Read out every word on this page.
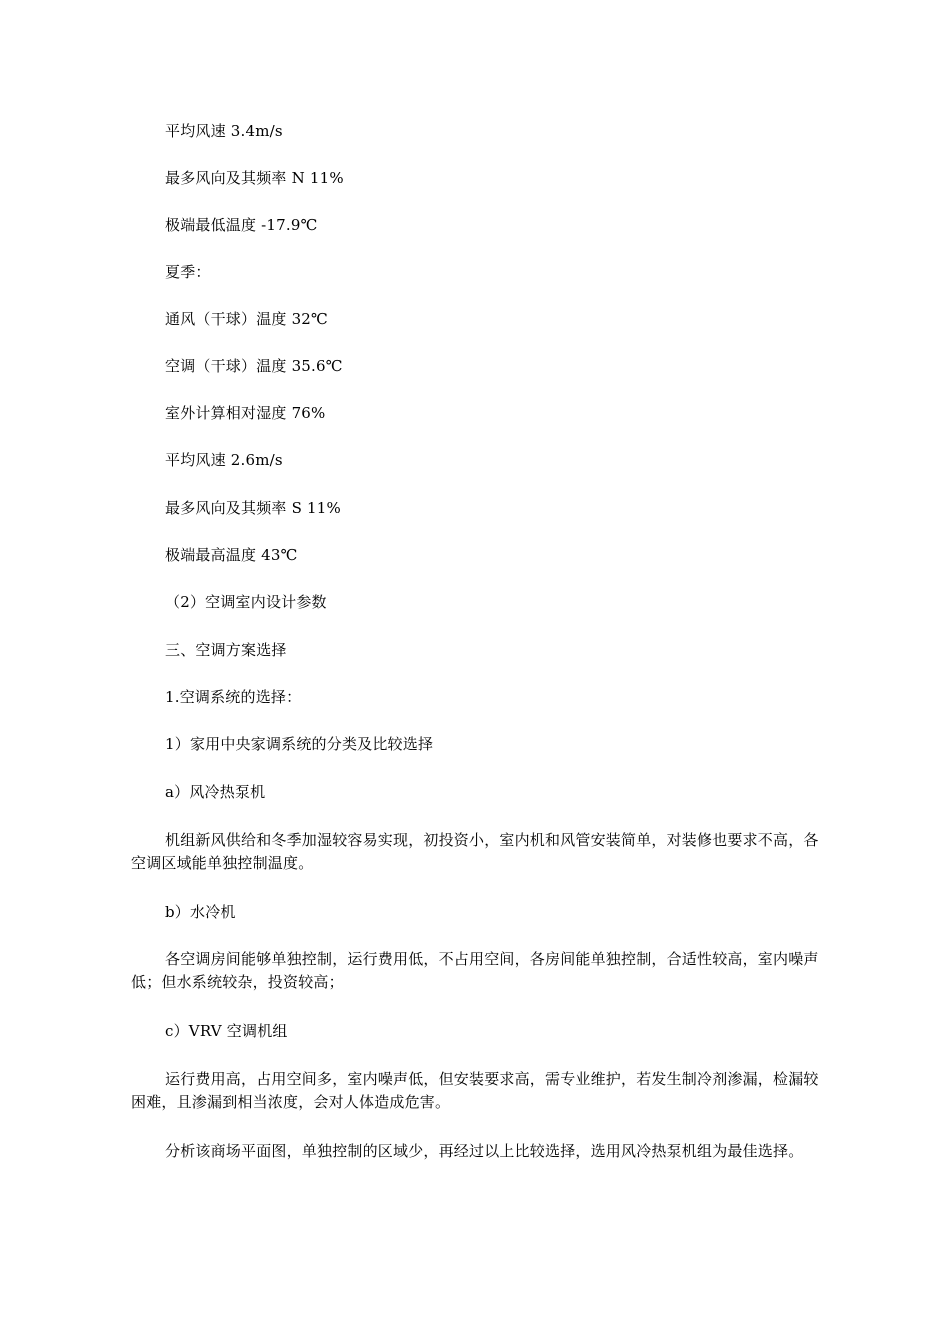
平均风速 3.4m/s
最多风向及其频率 N 11%
极端最低温度 -17.9℃
夏季：
通风（干球）温度 32℃
空调（干球）温度 35.6℃
室外计算相对湿度 76%
平均风速 2.6m/s
最多风向及其频率 S 11%
极端最高温度 43℃
（2）空调室内设计参数
三、空调方案选择
1.空调系统的选择：
1）家用中央家调系统的分类及比较选择
a）风冷热泵机
机组新风供给和冬季加湿较容易实现，初投资小，室内机和风管安装简单，对装修也要求不高，各空调区域能单独控制温度。
b）水冷机
各空调房间能够单独控制，运行费用低，不占用空间，各房间能单独控制，合适性较高，室内噪声低；但水系统较杂，投资较高；
c）VRV 空调机组
运行费用高，占用空间多，室内噪声低，但安装要求高，需专业维护，若发生制冷剂渗漏，检漏较困难，且渗漏到相当浓度，会对人体造成危害。
分析该商场平面图，单独控制的区域少，再经过以上比较选择，选用风冷热泵机组为最佳选择。
